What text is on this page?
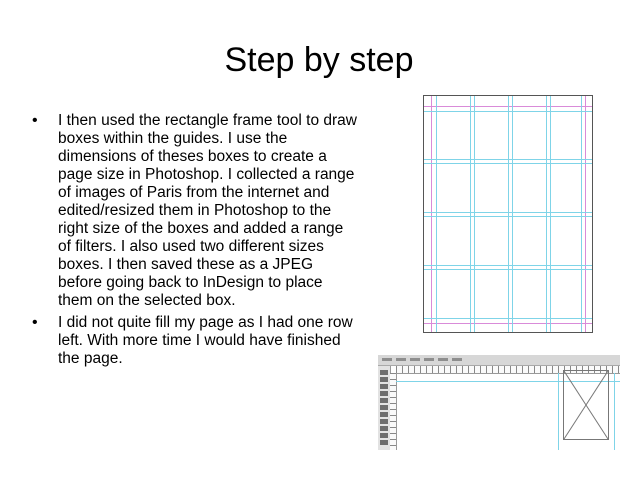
Step by step
• I then used the rectangle frame tool to draw boxes within the guides. I use the dimensions of theses boxes to create a page size in Photoshop. I collected a range of images of Paris from the internet and edited/resized them in Photoshop to the right size of the boxes and added a range of filters. I also used two different sizes boxes. I then saved these as a JPEG before going back to InDesign to place them on the selected box.
• I did not quite fill my page as I had one row left. With more time I would have finished the page.
